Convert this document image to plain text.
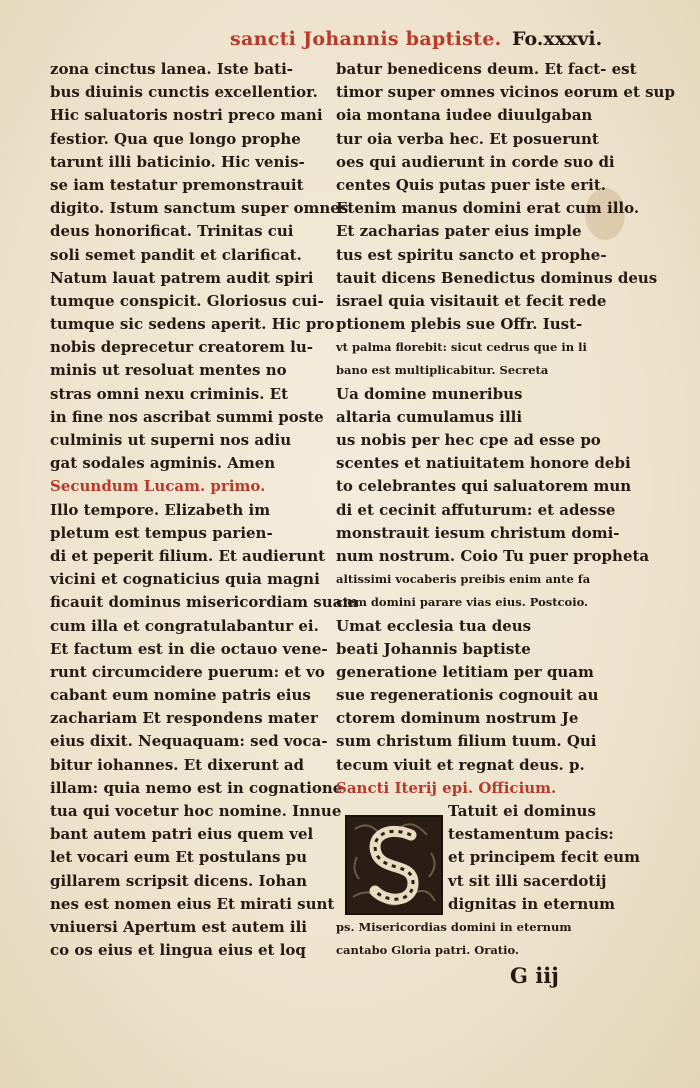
sancti Johannis baptiste. Fo.xxxvi.
zona cinctus lanea. Iste bati-
bus diuinis cunctis excellentior.
Hic saluatoris nostri preco mani
festior. Qua que longo prophe
tarunt illi baticinio. Hic venis-
se iam testatur premonstrauit
digito. Istum sanctum super omnes
deus honorificat. Trinitas cui
soli semet pandit et clarificat.
Natum lauat patrem audit spiri
tumque conspicit. Gloriosus cui-
tumque sic sedens aperit. Hic pro
nobis deprecetur creatorem lu-
minis ut resoluat mentes no
stras omni nexu criminis. Et
in fine nos ascribat summi poste
culminis ut superni nos adiu
gat sodales agminis. Amen
Secundum Lucam. primo.
Illo tempore. Elizabeth im
pletum est tempus parien-
di et peperit filium. Et audierunt
vicini et cognaticius quia magni
ficauit dominus misericordiam suam
cum illa et congratulabantur ei.
Et factum est in die octauo vene-
runt circumcidere puerum: et vo
cabant eum nomine patris eius
zachariam Et respondens mater
eius dixit. Nequaquam: sed voca-
bitur iohannes. Et dixerunt ad
illam: quia nemo est in cognatione
tua qui vocetur hoc nomine. Innue
bant autem patri eius quem vel
let vocari eum Et postulans pu
gillarem scripsit dicens. Iohan
nes est nomen eius Et mirati sunt
vniuersi Apertum est autem ili
co os eius et lingua eius et loq
batur benedicens deum. Et fact- est
timor super omnes vicinos eorum et sup
oia montana iudee diuulgaban
tur oia verba hec. Et posuerunt
oes qui audierunt in corde suo di
centes Quis putas puer iste erit.
Etenim manus domini erat cum illo.
Et zacharias pater eius imple
tus est spiritu sancto et prophe-
tauit dicens Benedictus dominus deus
israel quia visitauit et fecit rede
ptionem plebis sue Offr. Iust-
vt palma florebit: sicut cedrus que in li
bano est multiplicabitur. Secreta
Ua domine muneribus
altaria cumulamus illi
us nobis per hec cpe ad esse po
scentes et natiuitatem honore debi
to celebrantes qui saluatorem mun
di et cecinit affuturum: et adesse
monstrauit iesum christum domi-
num nostrum. Coio Tu puer propheta
altissimi vocaberis preibis enim ante fa
ciem domini parare vias eius. Postcoio.
Umat ecclesia tua deus
beati Johannis baptiste
generatione letitiam per quam
sue regenerationis cognouit au
ctorem dominum nostrum Je
sum christum filium tuum. Qui
tecum viuit et regnat deus. p.
Sancti Iterij epi. Officium.
Tatuit ei dominus
testamentum pacis:
et principem fecit eum
vt sit illi sacerdotij
dignitas in eternum
ps. Misericordias domini in eternum
cantabo Gloria patri. Oratio.
G iij
